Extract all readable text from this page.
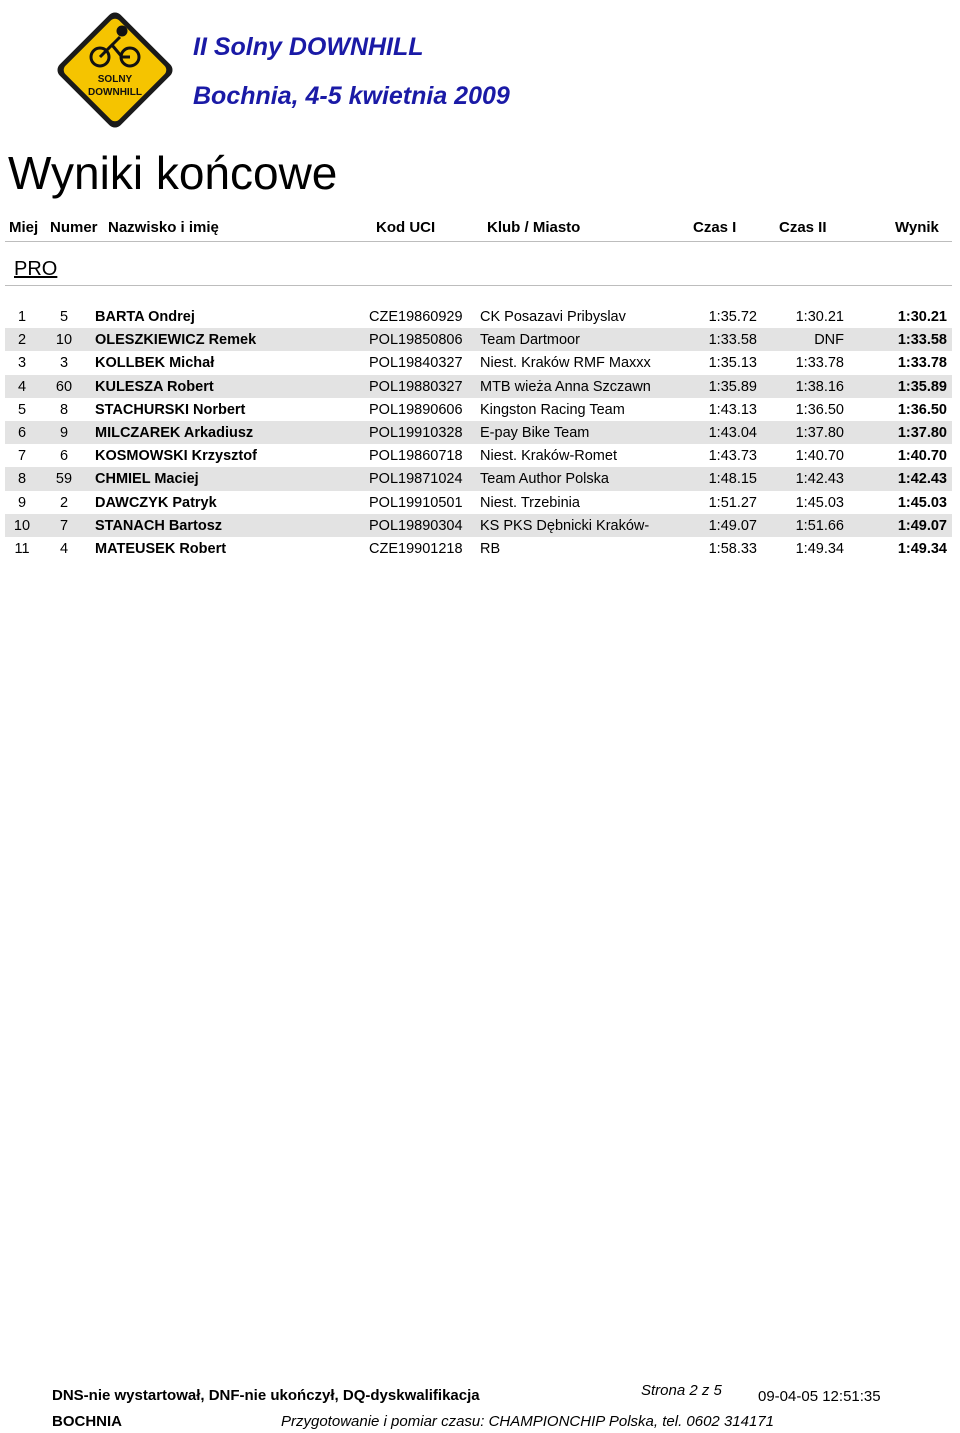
SOLNY
DOWNHILL
II Solny DOWNHILL
Bochnia, 4-5 kwietnia 2009
Wyniki końcowe
Miej Numer Nazwisko i imię	Kod UCI	Klub / Miasto	Czas I	Czas II	Wynik
PRO
1	5	BARTA Ondrej	CZE19860929 CK Posazavi Pribyslav	1:35.72	1:30.21	1:30.21
2	10	OLESZKIEWICZ Remek	POL19850806 Team Dartmoor	1:33.58	DNF	1:33.58
3	3	KOLLBEK Michał	POL19840327 Niest. Kraków RMF Maxxx	1:35.13	1:33.78	1:33.78
4	60	KULESZA Robert	POL19880327 MTB wieża Anna Szczawn	1:35.89	1:38.16	1:35.89
5	8	STACHURSKI Norbert	POL19890606 Kingston Racing Team	1:43.13	1:36.50	1:36.50
6	9	MILCZAREK Arkadiusz	POL19910328 E-pay Bike Team	1:43.04	1:37.80	1:37.80
7	6	KOSMOWSKI Krzysztof	POL19860718 Niest. Kraków-Romet	1:43.73	1:40.70	1:40.70
8	59	CHMIEL Maciej	POL19871024 Team Author Polska	1:48.15	1:42.43	1:42.43
9	2	DAWCZYK Patryk	POL19910501 Niest. Trzebinia	1:51.27	1:45.03	1:45.03
10	7	STANACH Bartosz	POL19890304 KS PKS Dębnicki Kraków-	1:49.07	1:51.66	1:49.07
11	4	MATEUSEK Robert	CZE19901218 RB	1:58.33	1:49.34	1:49.34
DNS-nie wystartował, DNF-nie ukończył, DQ-dyskwalifikacja	Strona 2 z 5 09-04-05 12:51:35
BOCHNIA	Przygotowanie i pomiar czasu: CHAMPIONCHIP Polska, tel. 0602 314171
